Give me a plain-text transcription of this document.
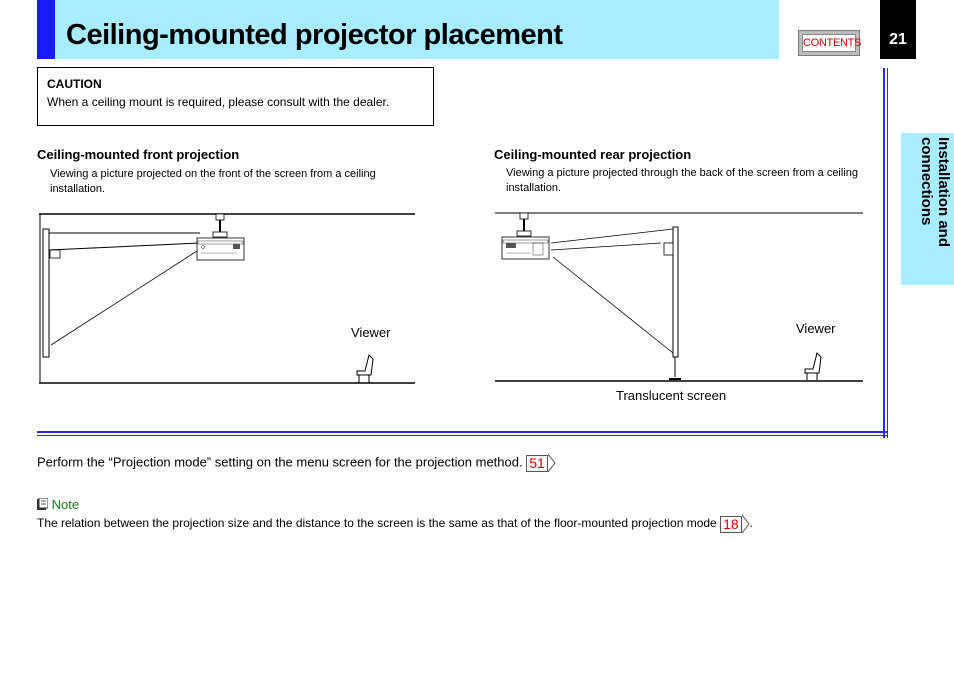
Ceiling-mounted projector placement	CONTENTS	21
Installation and connections
CAUTION
When a ceiling mount is required, please consult with the dealer.
Ceiling-mounted front projection
Viewing a picture projected on the front of the screen from a ceiling installation.
Viewer
Ceiling-mounted rear projection
Viewing a picture projected through the back of the screen from a ceiling installation.
Viewer
Translucent screen
Perform the “Projection mode” setting on the menu screen for the projection method. 51
Note
The relation between the projection size and the distance to the screen is the same as that of the floor-mounted projection mode 18 .
